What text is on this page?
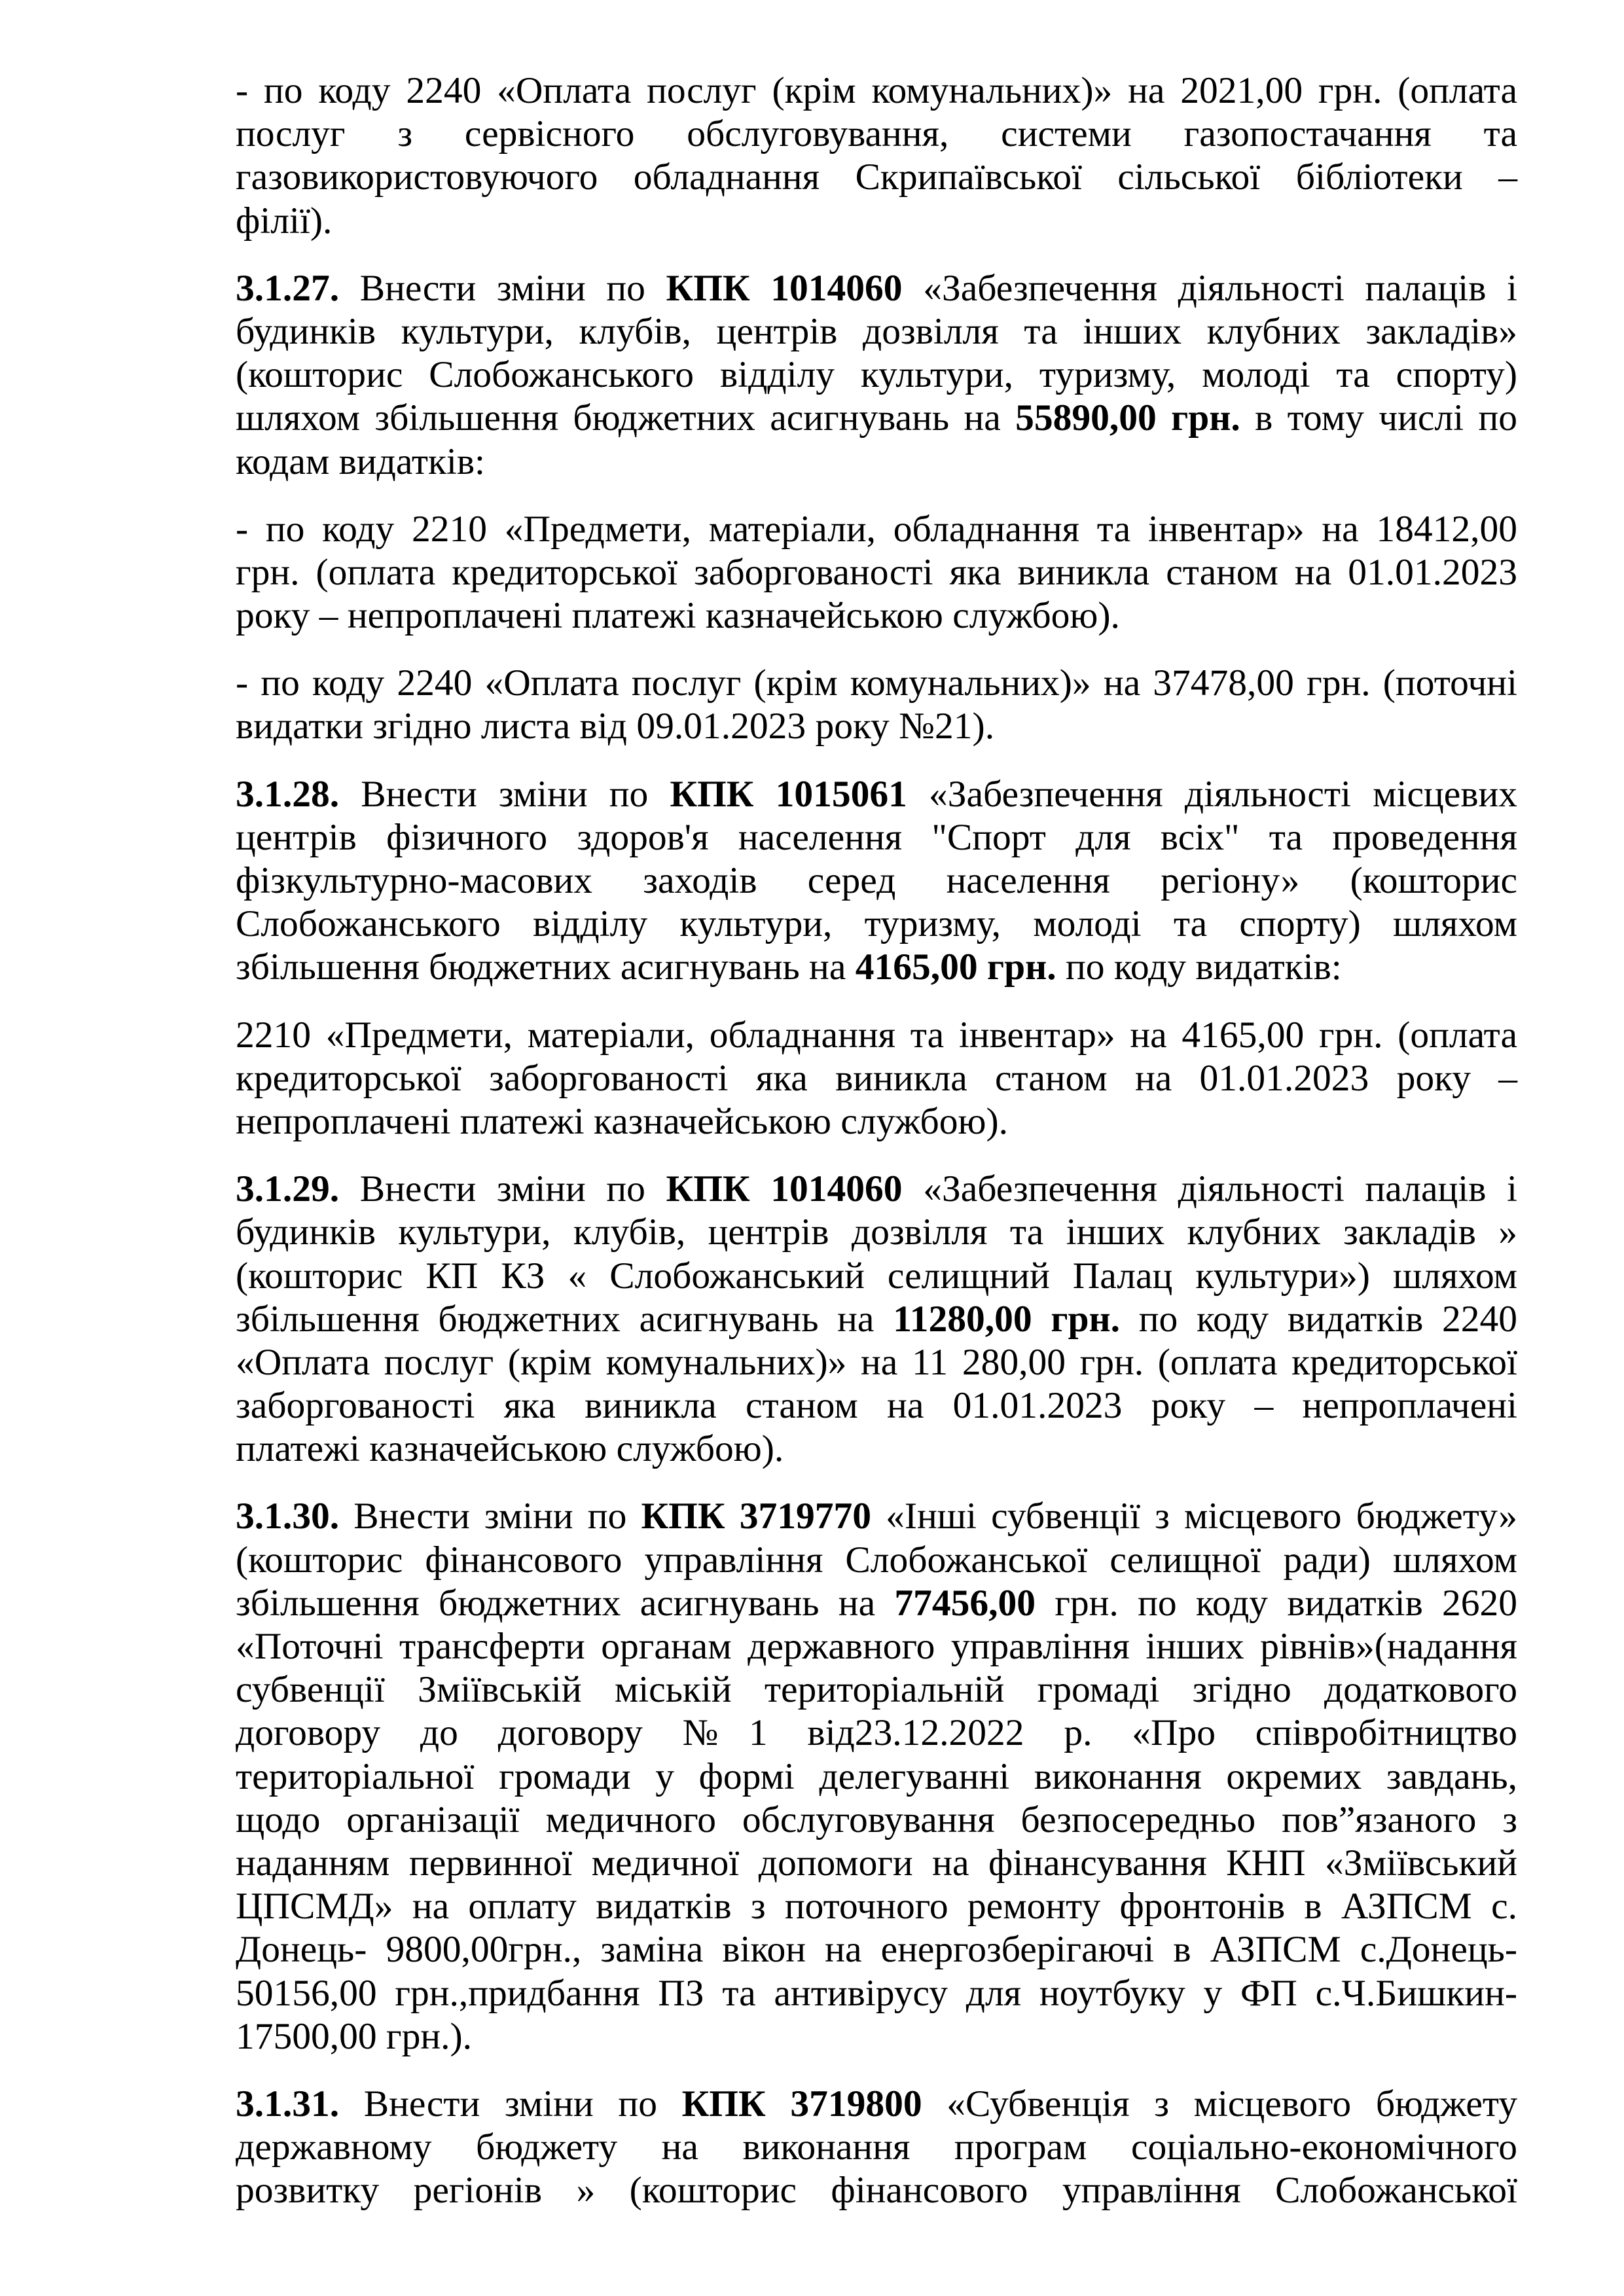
- по коду 2240 «Оплата послуг (крім комунальних)» на 2021,00 грн. (оплата
послуг з сервісного обслуговування, системи газопостачання та
газовикористовуючого обладнання Скрипаївської сільської бібліотеки –
філії).
3.1.27. Внести зміни по КПК 1014060 «Забезпечення діяльності палаців і
будинків культури, клубів, центрів дозвілля та інших клубних закладів»
(кошторис Слобожанського відділу культури, туризму, молоді та спорту)
шляхом збільшення бюджетних асигнувань на 55890,00 грн. в тому числі по
кодам видатків:
- по коду 2210 «Предмети, матеріали, обладнання та інвентар» на 18412,00
грн. (оплата кредиторської заборгованості яка виникла станом на 01.01.2023
року – непроплачені платежі казначейською службою).
- по коду 2240 «Оплата послуг (крім комунальних)» на 37478,00 грн. (поточні
видатки згідно листа від 09.01.2023 року №21).
3.1.28. Внести зміни по КПК 1015061 «Забезпечення діяльності місцевих
центрів фізичного здоров'я населення "Спорт для всіх" та проведення
фізкультурно-масових заходів серед населення регіону» (кошторис
Слобожанського відділу культури, туризму, молоді та спорту) шляхом
збільшення бюджетних асигнувань на 4165,00 грн. по коду видатків:
2210 «Предмети, матеріали, обладнання та інвентар» на 4165,00 грн. (оплата
кредиторської заборгованості яка виникла станом на 01.01.2023 року –
непроплачені платежі казначейською службою).
3.1.29. Внести зміни по КПК 1014060 «Забезпечення діяльності палаців і
будинків культури, клубів, центрів дозвілля та інших клубних закладів »
(кошторис КП КЗ « Слобожанський селищний Палац культури») шляхом
збільшення бюджетних асигнувань на 11280,00 грн. по коду видатків 2240
«Оплата послуг (крім комунальних)» на 11 280,00 грн. (оплата кредиторської
заборгованості яка виникла станом на 01.01.2023 року – непроплачені
платежі казначейською службою).
3.1.30. Внести зміни по КПК 3719770 «Інші субвенції з місцевого бюджету»
(кошторис фінансового управління Слобожанської селищної ради) шляхом
збільшення бюджетних асигнувань на 77456,00 грн. по коду видатків 2620
«Поточні трансферти органам державного управління інших рівнів»(надання
субвенції Зміївській міській територіальній громаді згідно додаткового
договору до договору №1 від23.12.2022 р. «Про співробітництво
територіальної громади у формі делегуванні виконання окремих завдань,
щодо організації медичного обслуговування безпосередньо пов”язаного з
наданням первинної медичної допомоги на фінансування КНП «Зміївський
ЦПСМД» на оплату видатків з поточного ремонту фронтонів в АЗПСМ с.
Донець- 9800,00грн., заміна вікон на енергозберігаючі в АЗПСМ с.Донець-
50156,00 грн.,придбання ПЗ та антивірусу для ноутбуку у ФП с.Ч.Бишкин-
17500,00 грн.).
3.1.31. Внести зміни по КПК 3719800 «Субвенція з місцевого бюджету
державному бюджету на виконання програм соціально-економічного
розвитку регіонів » (кошторис фінансового управління Слобожанської
